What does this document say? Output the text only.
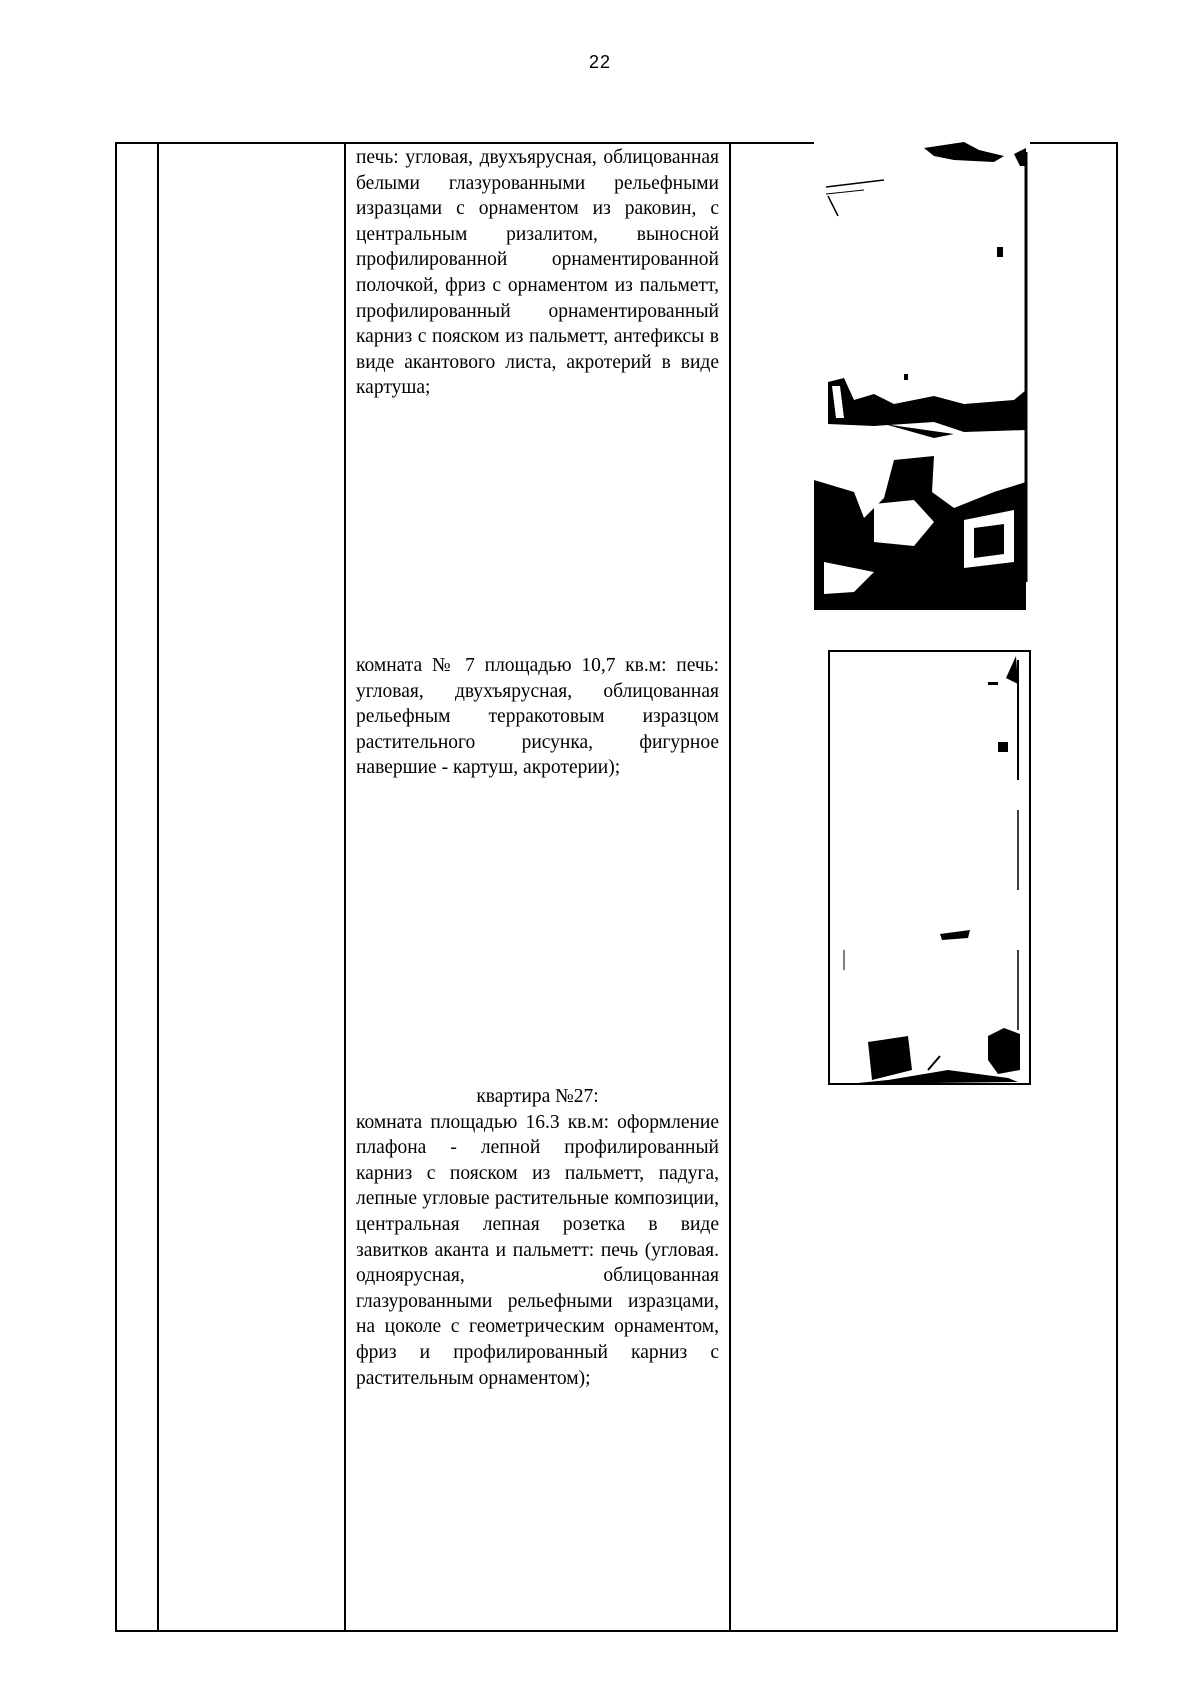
22
печь: угловая, двухъярусная, облицованная белыми глазурованными рельефными изразцами с орнаментом из раковин, с центральным ризалитом, выносной профилированной орнаментированной полочкой, фриз с орнаментом из пальметт, профилированный орнаментированный карниз с пояском из пальметт, антефиксы в виде акантового листа, акротерий в виде картуша;
комната № 7 площадью 10,7 кв.м: печь: угловая, двухъярусная, облицованная рельефным терракотовым изразцом растительного рисунка, фигурное навершие - картуш, акротерии);
квартира №27:
комната площадью 16.3 кв.м: оформление плафона - лепной профилированный карниз с пояском из пальметт, падуга, лепные угловые растительные композиции, центральная лепная розетка в виде завитков аканта и пальметт: печь (угловая. одноярусная, облицованная глазурованными рельефными изразцами, на цоколе с геометрическим орнаментом, фриз и профилированный карниз с растительным орнаментом);
